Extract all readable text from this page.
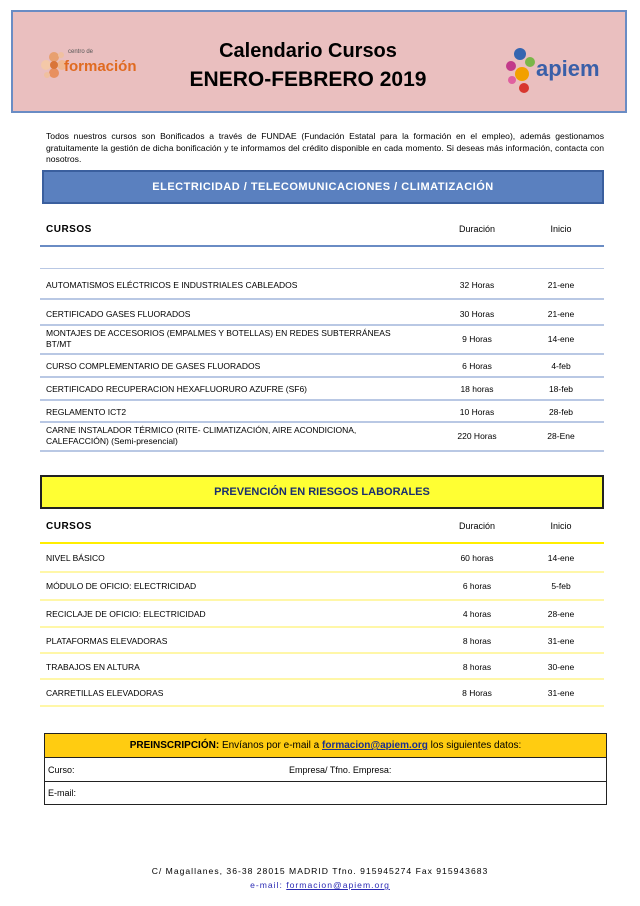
centro de
formación
Calendario Cursos
ENERO-FEBRERO 2019	apiem
Todos nuestros cursos son Bonificados a través de FUNDAE (Fundación Estatal para la formación en el empleo), además gestionamos gratuitamente la gestión de dicha bonificación y te informamos del crédito disponible en cada momento. Si deseas más información, contacta con nosotros.
ELECTRICIDAD / TELECOMUNICACIONES / CLIMATIZACIÓN
CURSOS	Duración	Inicio
AUTOMATISMOS ELÉCTRICOS E INDUSTRIALES CABLEADOS	32 Horas	21-ene
CERTIFICADO GASES FLUORADOS	30 Horas	21-ene
MONTAJES DE ACCESORIOS (EMPALMES Y BOTELLAS) EN REDES SUBTERRÁNEAS BT/MT	9 Horas	14-ene
CURSO COMPLEMENTARIO DE GASES FLUORADOS	6 Horas	4-feb
CERTIFICADO RECUPERACION HEXAFLUORURO AZUFRE (SF6)	18 horas	18-feb
REGLAMENTO ICT2	10 Horas	28-feb
CARNE INSTALADOR TÉRMICO (RITE- CLIMATIZACIÓN, AIRE ACONDICIONA, CALEFACCIÓN) (Semi-presencial)	220 Horas	28-Ene
PREVENCIÓN EN RIESGOS LABORALES
CURSOS	Duración	Inicio
NIVEL BÁSICO	60 horas	14-ene
MÓDULO DE OFICIO: ELECTRICIDAD	6 horas	5-feb
RECICLAJE DE OFICIO: ELECTRICIDAD	4 horas	28-ene
PLATAFORMAS ELEVADORAS	8 horas	31-ene
TRABAJOS EN ALTURA	8 horas	30-ene
CARRETILLAS ELEVADORAS	8 Horas	31-ene
PREINSCRIPCIÓN: Envíanos por e-mail a formacion@apiem.org los siguientes datos:
Curso:	Empresa/ Tfno. Empresa:
E-mail:
C/ Magallanes, 36-38 28015 MADRID Tfno. 915945274 Fax 915943683
e-mail: formacion@apiem.org
